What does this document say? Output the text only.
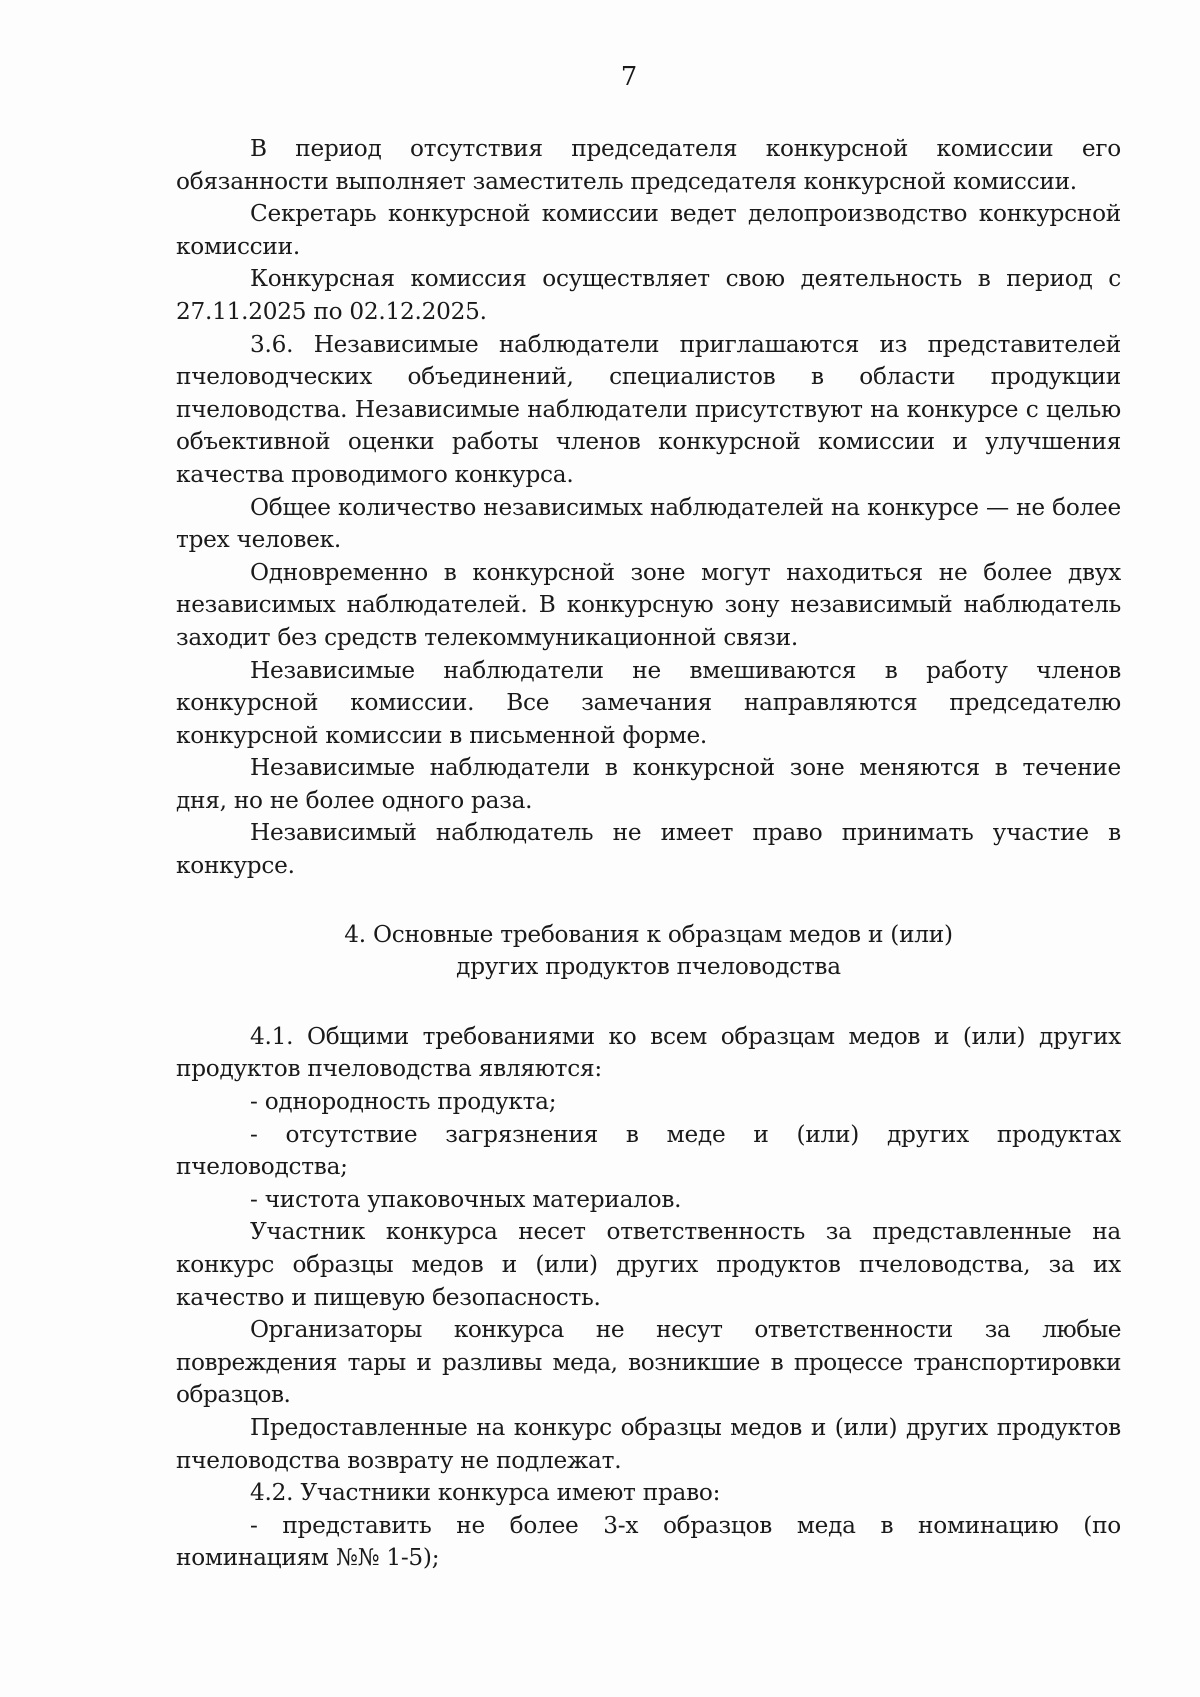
7

В период отсутствия председателя конкурсной комиссии его обязанности выполняет заместитель председателя конкурсной комиссии.

Секретарь конкурсной комиссии ведет делопроизводство конкурсной комиссии.

Конкурсная комиссия осуществляет свою деятельность в период с 27.11.2025 по 02.12.2025.

3.6. Независимые наблюдатели приглашаются из представителей пчеловодческих объединений, специалистов в области продукции пчеловодства. Независимые наблюдатели присутствуют на конкурсе с целью объективной оценки работы членов конкурсной комиссии и улучшения качества проводимого конкурса.

Общее количество независимых наблюдателей на конкурсе — не более трех человек.

Одновременно в конкурсной зоне могут находиться не более двух независимых наблюдателей. В конкурсную зону независимый наблюдатель заходит без средств телекоммуникационной связи.

Независимые наблюдатели не вмешиваются в работу членов конкурсной комиссии. Все замечания направляются председателю конкурсной комиссии в письменной форме.

Независимые наблюдатели в конкурсной зоне меняются в течение дня, но не более одного раза.

Независимый наблюдатель не имеет право принимать участие в конкурсе.

4. Основные требования к образцам медов и (или)
других продуктов пчеловодства

4.1. Общими требованиями ко всем образцам медов и (или) других продуктов пчеловодства являются:

- однородность продукта;

- отсутствие загрязнения в меде и (или) других продуктах пчеловодства;

- чистота упаковочных материалов.

Участник конкурса несет ответственность за представленные на конкурс образцы медов и (или) других продуктов пчеловодства, за их качество и пищевую безопасность.

Организаторы конкурса не несут ответственности за любые повреждения тары и разливы меда, возникшие в процессе транспортировки образцов.

Предоставленные на конкурс образцы медов и (или) других продуктов пчеловодства возврату не подлежат.

4.2. Участники конкурса имеют право:

- представить не более 3-х образцов меда в номинацию (по номинациям №№ 1-5);
